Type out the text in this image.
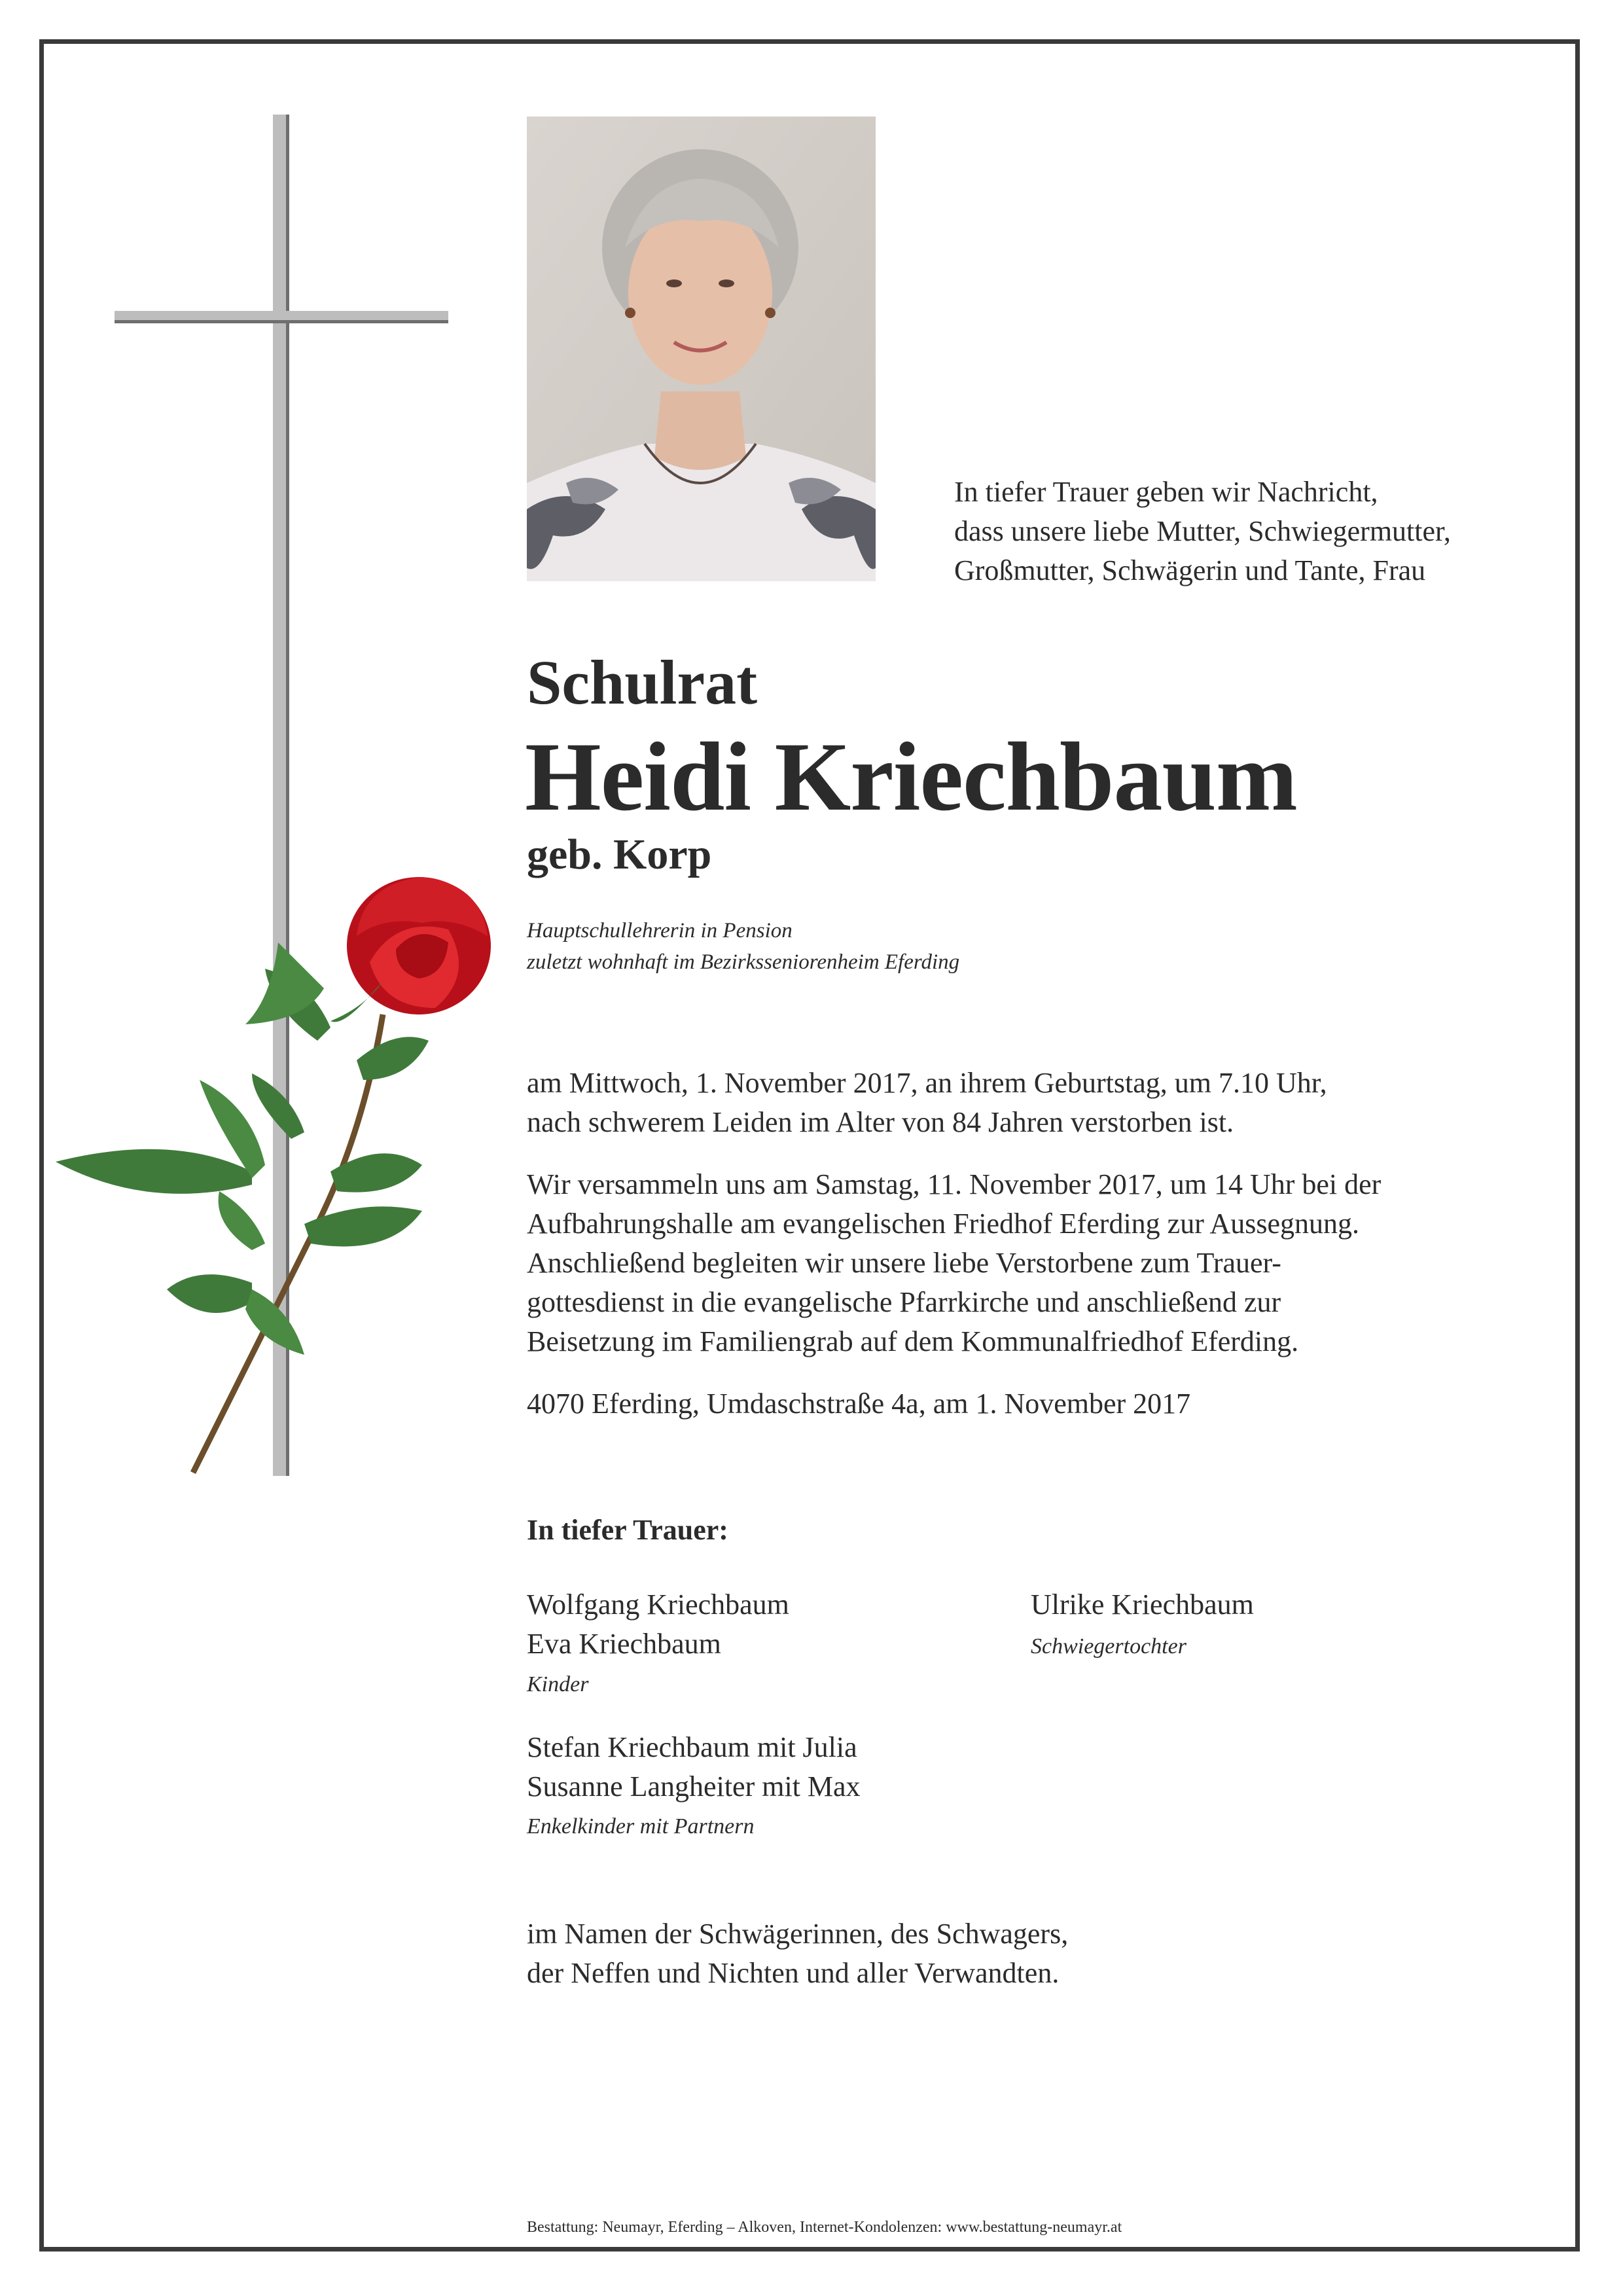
In tiefer Trauer geben wir Nachricht,
dass unsere liebe Mutter, Schwiegermutter,
Großmutter, Schwägerin und Tante, Frau

Schulrat
Heidi Kriechbaum
geb. Korp

Hauptschullehrerin in Pension
zuletzt wohnhaft im Bezirksseniorenheim Eferding

am Mittwoch, 1. November 2017, an ihrem Geburtstag, um 7.10 Uhr,
nach schwerem Leiden im Alter von 84 Jahren verstorben ist.

Wir versammeln uns am Samstag, 11. November 2017, um 14 Uhr bei der
Aufbahrungshalle am evangelischen Friedhof Eferding zur Aussegnung.
Anschließend begleiten wir unsere liebe Verstorbene zum Trauer-
gottesdienst in die evangelische Pfarrkirche und anschließend zur
Beisetzung im Familiengrab auf dem Kommunalfriedhof Eferding.

4070 Eferding, Umdaschstraße 4a, am 1. November 2017

In tiefer Trauer:

Wolfgang Kriechbaum
Eva Kriechbaum

Kinder

Ulrike Kriechbaum

Schwiegertochter

Stefan Kriechbaum mit Julia
Susanne Langheiter mit Max

Enkelkinder mit Partnern

im Namen der Schwägerinnen, des Schwagers,
der Neffen und Nichten und aller Verwandten.

Bestattung: Neumayr, Eferding – Alkoven, Internet-Kondolenzen: www.bestattung-neumayr.at
